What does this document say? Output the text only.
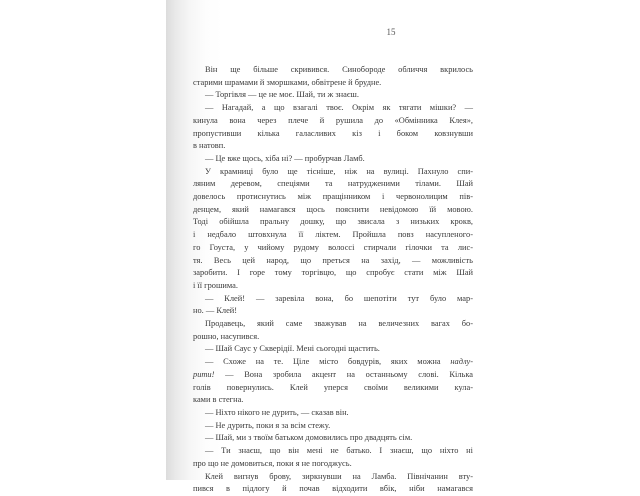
15
Він ще більше скривився. Синобороде обличчя вкрилось
старими шрамами й зморшками, обвітрене й брудне.
— Торгівля — це не моє. Шай, ти ж знаєш.
— Нагадай, а що взагалі твоє. Окрім як тягати мішки? —
кинула вона через плече й рушила до «Обмінника Клея»,
пропустивши кілька галасливих кіз і боком ковзнувши
в натовп.
— Це вже щось, хіба ні? — пробурчав Ламб.
У крамниці було ще тісніше, ніж на вулиці. Пахнуло спи-
ляним деревом, спеціями та натрудженими тілами. Шай
довелось протиснутись між пращінником і червонолицим пів-
денцем, який намагався щось пояснити невідомою їй мовою.
Тоді обійшла пральну дошку, що звисала з низьких крокв,
і недбало штовхнула її ліктем. Пройшла повз насупленого-
го Гоуста, у чийому рудому волоссі стирчали гілочки та лис-
тя. Весь цей народ, що преться на захід, — можливість
заробити. І горе тому торгівцю, що спробує стати між Шай
і її грошима.
— Клей! — заревіла вона, бо шепотіти тут було мар-
но. — Клей!
Продавець, який саме зважував на величезних вагах бо-
рошно, насупився.
— Шай Саус у Скверідії. Мені сьогодні щастить.
— Схоже на те. Ціле місто бовдурів, яких можна надлу-
рити! — Вона зробила акцент на останньому слові. Кілька
голів повернулись. Клей уперся своїми великими кула-
ками в стегна.
— Ніхто нікого не дурить, — сказав він.
— Не дурить, поки я за всім стежу.
— Шай, ми з твоїм батьком домовились про двадцять сім.
— Ти знаєш, що він мені не батько. І знаєш, що ніхто ні
про що не домовиться, поки я не погоджусь.
Клей вигнув брову, зиркнувши на Ламба. Північанин вту-
пився в підлогу й почав відходити вбік, ніби намагався
